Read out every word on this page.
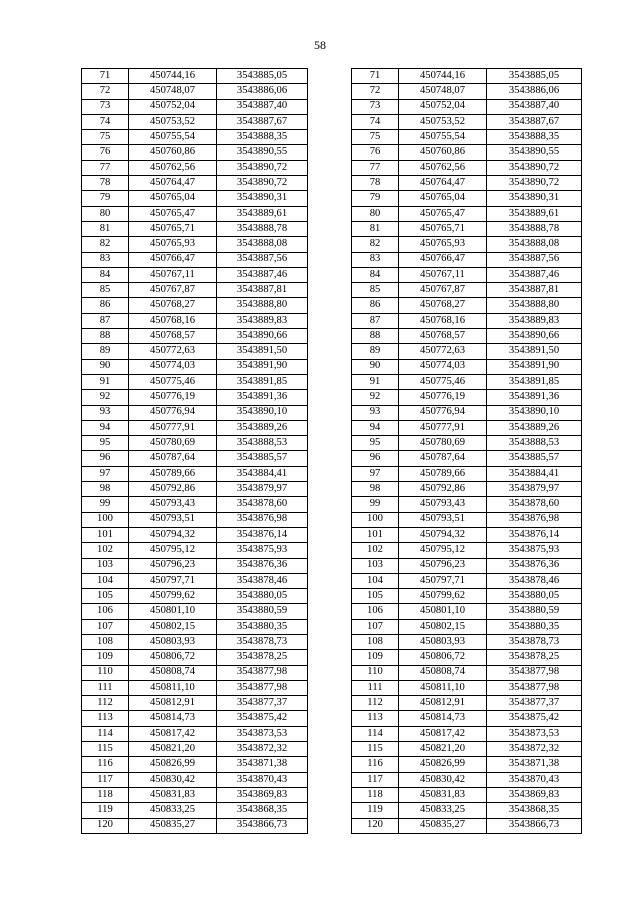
58
71	450744,16	3543885,05		71	450744,16	3543885,05
72	450748,07	3543886,06		72	450748,07	3543886,06
73	450752,04	3543887,40		73	450752,04	3543887,40
74	450753,52	3543887,67		74	450753,52	3543887,67
75	450755,54	3543888,35		75	450755,54	3543888,35
76	450760,86	3543890,55		76	450760,86	3543890,55
77	450762,56	3543890,72		77	450762,56	3543890,72
78	450764,47	3543890,72		78	450764,47	3543890,72
79	450765,04	3543890,31		79	450765,04	3543890,31
80	450765,47	3543889,61		80	450765,47	3543889,61
81	450765,71	3543888,78		81	450765,71	3543888,78
82	450765,93	3543888,08		82	450765,93	3543888,08
83	450766,47	3543887,56		83	450766,47	3543887,56
84	450767,11	3543887,46		84	450767,11	3543887,46
85	450767,87	3543887,81		85	450767,87	3543887,81
86	450768,27	3543888,80		86	450768,27	3543888,80
87	450768,16	3543889,83		87	450768,16	3543889,83
88	450768,57	3543890,66		88	450768,57	3543890,66
89	450772,63	3543891,50		89	450772,63	3543891,50
90	450774,03	3543891,90		90	450774,03	3543891,90
91	450775,46	3543891,85		91	450775,46	3543891,85
92	450776,19	3543891,36		92	450776,19	3543891,36
93	450776,94	3543890,10		93	450776,94	3543890,10
94	450777,91	3543889,26		94	450777,91	3543889,26
95	450780,69	3543888,53		95	450780,69	3543888,53
96	450787,64	3543885,57		96	450787,64	3543885,57
97	450789,66	3543884,41		97	450789,66	3543884,41
98	450792,86	3543879,97		98	450792,86	3543879,97
99	450793,43	3543878,60		99	450793,43	3543878,60
100	450793,51	3543876,98		100	450793,51	3543876,98
101	450794,32	3543876,14		101	450794,32	3543876,14
102	450795,12	3543875,93		102	450795,12	3543875,93
103	450796,23	3543876,36		103	450796,23	3543876,36
104	450797,71	3543878,46		104	450797,71	3543878,46
105	450799,62	3543880,05		105	450799,62	3543880,05
106	450801,10	3543880,59		106	450801,10	3543880,59
107	450802,15	3543880,35		107	450802,15	3543880,35
108	450803,93	3543878,73		108	450803,93	3543878,73
109	450806,72	3543878,25		109	450806,72	3543878,25
110	450808,74	3543877,98		110	450808,74	3543877,98
111	450811,10	3543877,98		111	450811,10	3543877,98
112	450812,91	3543877,37		112	450812,91	3543877,37
113	450814,73	3543875,42		113	450814,73	3543875,42
114	450817,42	3543873,53		114	450817,42	3543873,53
115	450821,20	3543872,32		115	450821,20	3543872,32
116	450826,99	3543871,38		116	450826,99	3543871,38
117	450830,42	3543870,43		117	450830,42	3543870,43
118	450831,83	3543869,83		118	450831,83	3543869,83
119	450833,25	3543868,35		119	450833,25	3543868,35
120	450835,27	3543866,73		120	450835,27	3543866,73
